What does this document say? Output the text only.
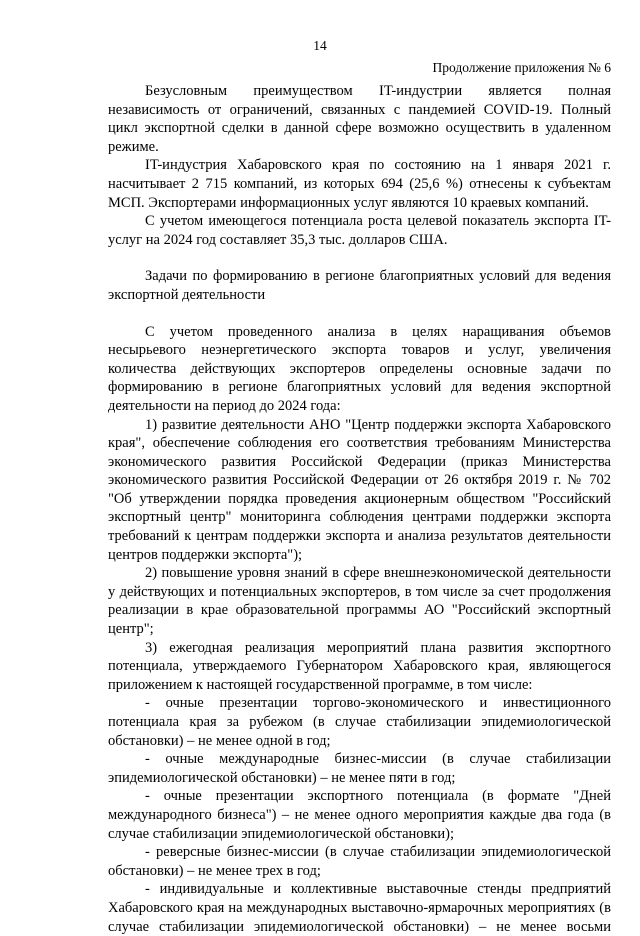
14
Продолжение приложения № 6

Безусловным преимуществом IT-индустрии является полная независимость от ограничений, связанных с пандемией COVID-19. Полный цикл экспортной сделки в данной сфере возможно осуществить в удаленном режиме.

IT-индустрия Хабаровского края по состоянию на 1 января 2021 г. насчитывает 2 715 компаний, из которых 694 (25,6 %) отнесены к субъектам МСП. Экспортерами информационных услуг являются 10 краевых компаний.

С учетом имеющегося потенциала роста целевой показатель экспорта IT-услуг на 2024 год составляет 35,3 тыс. долларов США.

Задачи по формированию в регионе благоприятных условий для ведения экспортной деятельности

С учетом проведенного анализа в целях наращивания объемов несырьевого неэнергетического экспорта товаров и услуг, увеличения количества действующих экспортеров определены основные задачи по формированию в регионе благоприятных условий для ведения экспортной деятельности на период до 2024 года:

1) развитие деятельности АНО "Центр поддержки экспорта Хабаровского края", обеспечение соблюдения его соответствия требованиям Министерства экономического развития Российской Федерации (приказ Министерства экономического развития Российской Федерации от 26 октября 2019 г. № 702 "Об утверждении порядка проведения акционерным обществом "Российский экспортный центр" мониторинга соблюдения центрами поддержки экспорта требований к центрам поддержки экспорта и анализа результатов деятельности центров поддержки экспорта");

2) повышение уровня знаний в сфере внешнеэкономической деятельности у действующих и потенциальных экспортеров, в том числе за счет продолжения реализации в крае образовательной программы АО "Российский экспортный центр";

3) ежегодная реализация мероприятий плана развития экспортного потенциала, утверждаемого Губернатором Хабаровского края, являющегося приложением к настоящей государственной программе, в том числе:

- очные презентации торгово-экономического и инвестиционного потенциала края за рубежом (в случае стабилизации эпидемиологической обстановки) – не менее одной в год;

- очные международные бизнес-миссии (в случае стабилизации эпидемиологической обстановки) – не менее пяти в год;

- очные презентации экспортного потенциала (в формате "Дней международного бизнеса") – не менее одного мероприятия каждые два года (в случае стабилизации эпидемиологической обстановки);

- реверсные бизнес-миссии (в случае стабилизации эпидемиологической обстановки) – не менее трех в год;

- индивидуальные и коллективные выставочные стенды предприятий Хабаровского края на международных выставочно-ярмарочных мероприятиях (в случае стабилизации эпидемиологической обстановки) – не менее восьми
